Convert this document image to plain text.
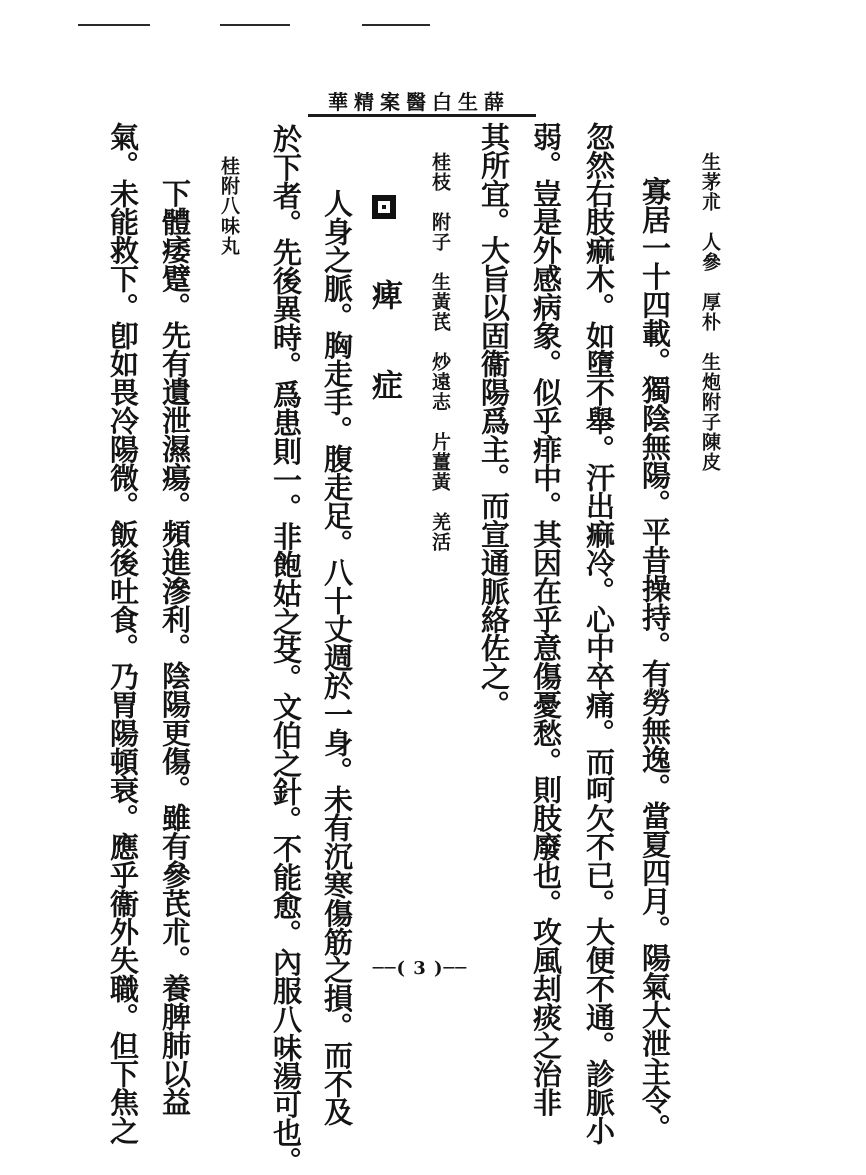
薛生白醫案精華
生茅朮　人參　厚朴　生炮附子陳皮
　寡居一十四載。獨陰無陽。平昔操持。有勞無逸。當夏四月。陽氣大泄主令。
忽然右肢痲木。如墮不舉。汗出痲冷。心中卒痛。而呵欠不已。大便不通。診脈小
弱。豈是外感病象。似乎痱中。其因在乎意傷憂愁。則肢廢也。攻風刦痰之治非
其所宜。大旨以固衞陽爲主。而宣通脈絡佐之。
桂枝　附子　生黃芪　炒遠志　片薑黃　羌活
痺　症
　人身之脈。胸走手。腹走足。八十丈週於一身。未有沉寒傷筋之損。而不及
於下者。先後異時。爲患則一。非飽姑之芟。文伯之針。不能愈。內服八味湯可也。
桂附八味丸
　下體痿躄。先有遺泄濕瘍。頻進滲利。陰陽更傷。雖有參芪朮。養脾肺以益
氣。未能救下。卽如畏冷陽微。飯後吐食。乃胃陽頓衰。應乎衞外失職。但下焦之	──( 3 )──
